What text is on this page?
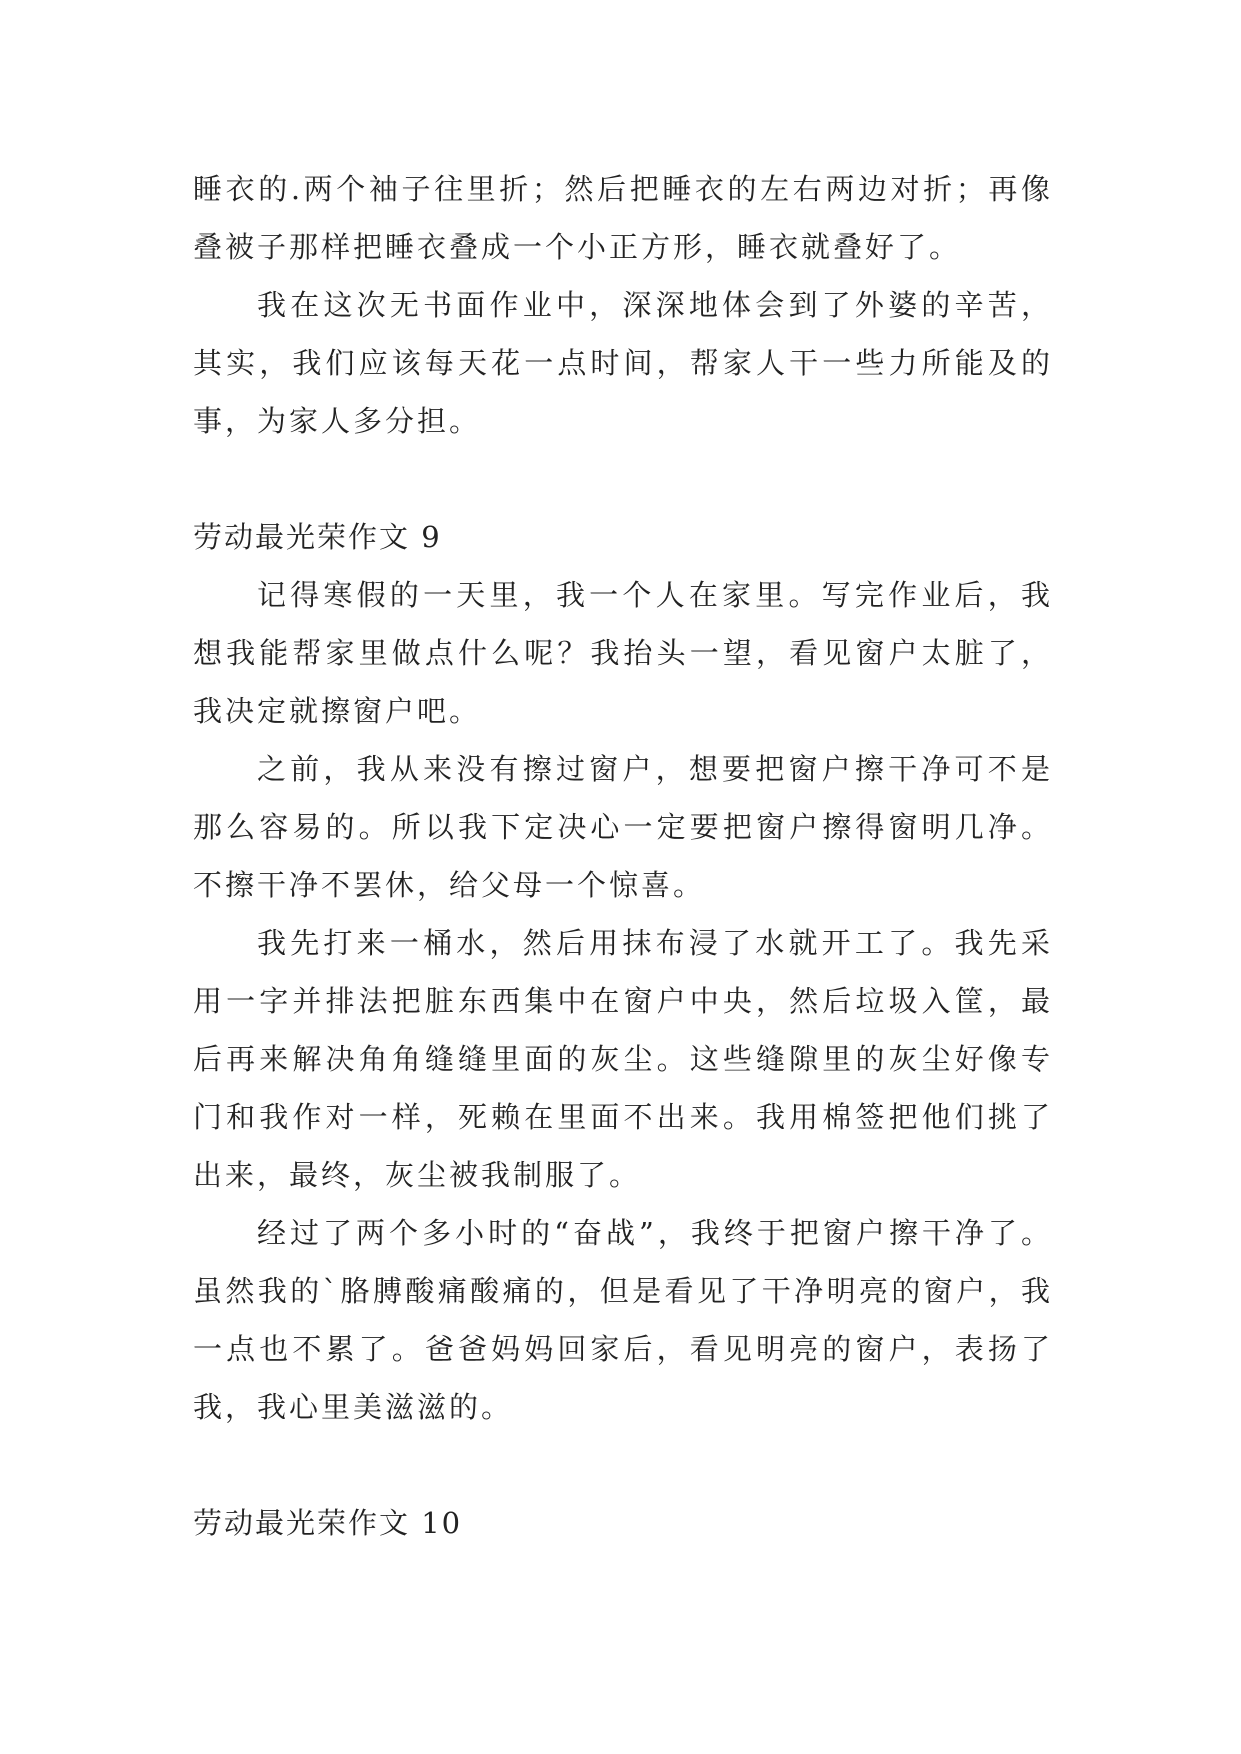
睡衣的.两个袖子往里折；然后把睡衣的左右两边对折；再像叠被子那样把睡衣叠成一个小正方形，睡衣就叠好了。

我在这次无书面作业中，深深地体会到了外婆的辛苦，其实，我们应该每天花一点时间，帮家人干一些力所能及的事，为家人多分担。

劳动最光荣作文 9

记得寒假的一天里，我一个人在家里。写完作业后，我想我能帮家里做点什么呢？我抬头一望，看见窗户太脏了，我决定就擦窗户吧。

之前，我从来没有擦过窗户，想要把窗户擦干净可不是那么容易的。所以我下定决心一定要把窗户擦得窗明几净。不擦干净不罢休，给父母一个惊喜。

我先打来一桶水，然后用抹布浸了水就开工了。我先采用一字并排法把脏东西集中在窗户中央，然后垃圾入筐，最后再来解决角角缝缝里面的灰尘。这些缝隙里的灰尘好像专门和我作对一样，死赖在里面不出来。我用棉签把他们挑了出来，最终，灰尘被我制服了。

经过了两个多小时的“奋战”，我终于把窗户擦干净了。虽然我的`胳膊酸痛酸痛的，但是看见了干净明亮的窗户，我一点也不累了。爸爸妈妈回家后，看见明亮的窗户，表扬了我，我心里美滋滋的。

劳动最光荣作文 10
